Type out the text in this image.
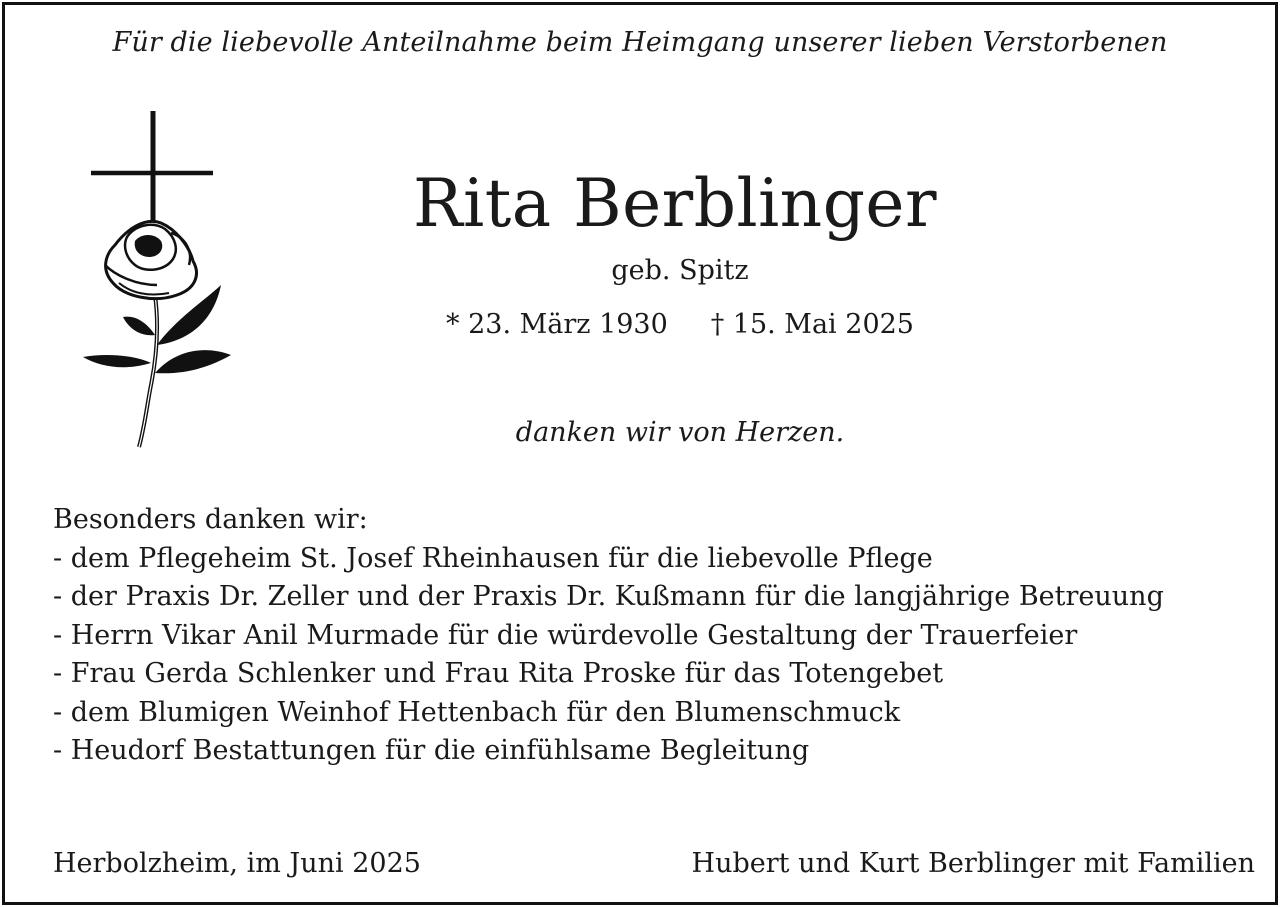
Für die liebevolle Anteilnahme beim Heimgang unserer lieben Verstorbenen
Rita Berblinger
geb. Spitz
* 23. März 1930     † 15. Mai 2025
danken wir von Herzen.
Besonders danken wir:
- dem Pflegeheim St. Josef Rheinhausen für die liebevolle Pflege
- der Praxis Dr. Zeller und der Praxis Dr. Kußmann für die langjährige Betreuung
- Herrn Vikar Anil Murmade für die würdevolle Gestaltung der Trauerfeier
- Frau Gerda Schlenker und Frau Rita Proske für das Totengebet
- dem Blumigen Weinhof Hettenbach für den Blumenschmuck
- Heudorf Bestattungen für die einfühlsame Begleitung
Herbolzheim, im Juni 2025	Hubert und Kurt Berblinger mit Familien
